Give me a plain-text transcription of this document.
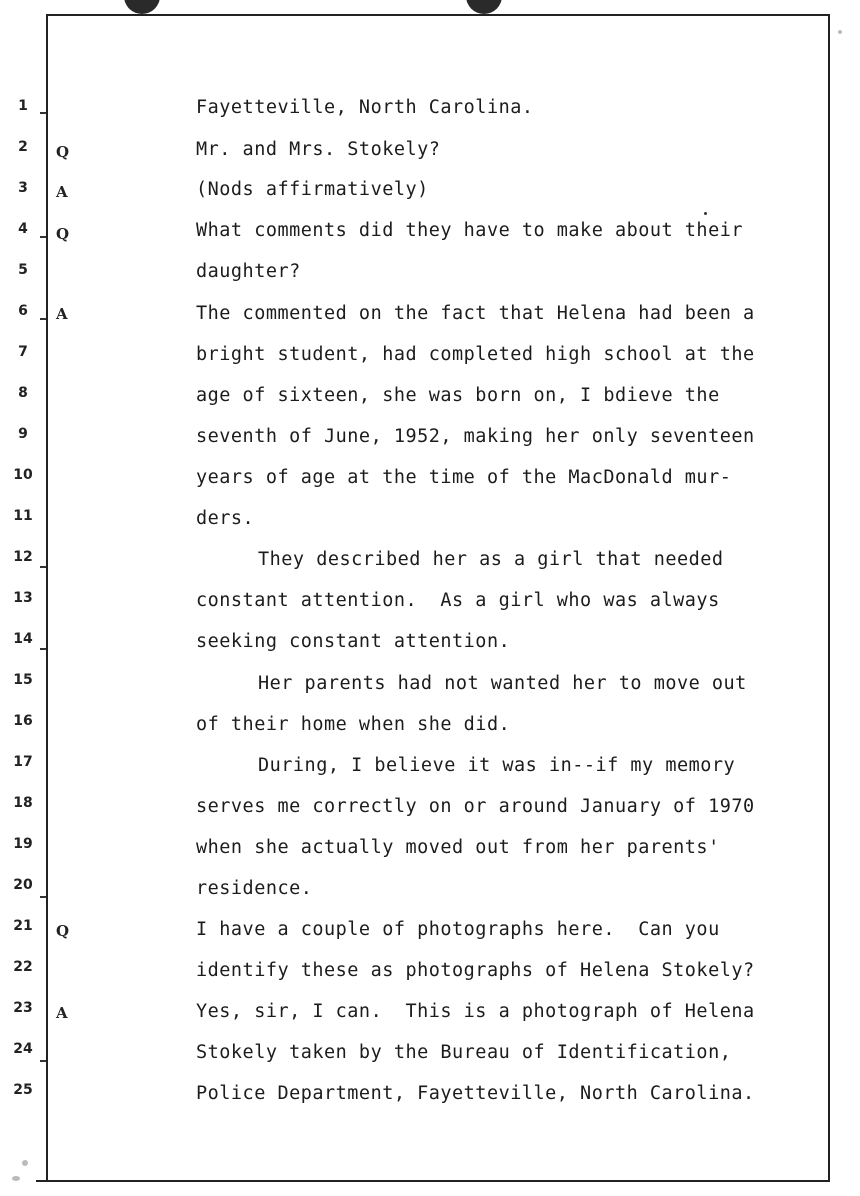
1
2
3
4
5
6
7
8
9
10
11
12
13
14
15
16
17
18
19
20
21
22
23
24
25
Q
A
Q
A
Q
A
Fayetteville, North Carolina.
Mr. and Mrs. Stokely?
(Nods affirmatively)
What comments did they have to make about their
daughter?
The commented on the fact that Helena had been a
bright student, had completed high school at the
age of sixteen, she was born on, I bdieve the
seventh of June, 1952, making her only seventeen
years of age at the time of the MacDonald mur-
ders.
They described her as a girl that needed
constant attention.  As a girl who was always
seeking constant attention.
Her parents had not wanted her to move out
of their home when she did.
During, I believe it was in--if my memory
serves me correctly on or around January of 1970
when she actually moved out from her parents'
residence.
I have a couple of photographs here.  Can you
identify these as photographs of Helena Stokely?
Yes, sir, I can.  This is a photograph of Helena
Stokely taken by the Bureau of Identification,
Police Department, Fayetteville, North Carolina.
